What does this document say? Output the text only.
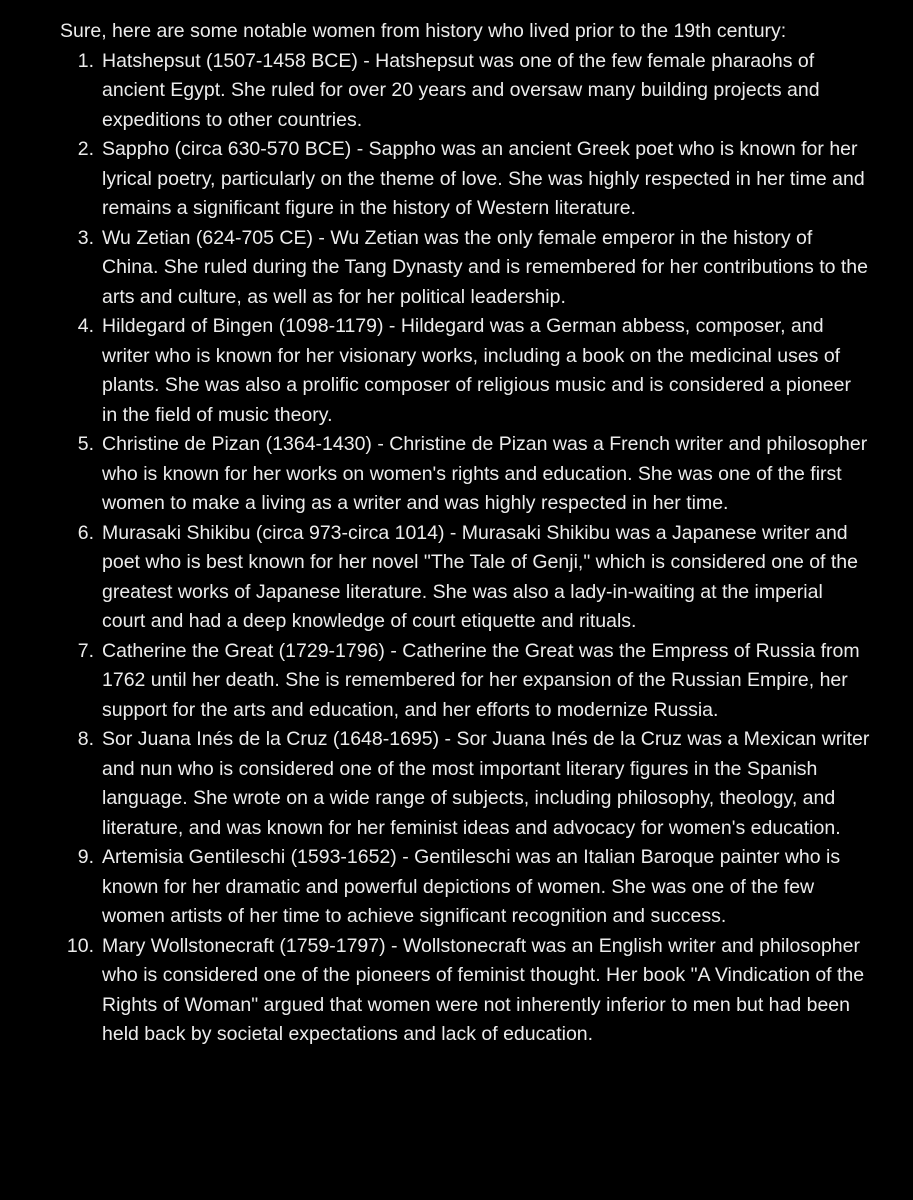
Sure, here are some notable women from history who lived prior to the 19th century:

1. Hatshepsut (1507-1458 BCE) - Hatshepsut was one of the few female pharaohs of ancient Egypt. She ruled for over 20 years and oversaw many building projects and expeditions to other countries.
2. Sappho (circa 630-570 BCE) - Sappho was an ancient Greek poet who is known for her lyrical poetry, particularly on the theme of love. She was highly respected in her time and remains a significant figure in the history of Western literature.
3. Wu Zetian (624-705 CE) - Wu Zetian was the only female emperor in the history of China. She ruled during the Tang Dynasty and is remembered for her contributions to the arts and culture, as well as for her political leadership.
4. Hildegard of Bingen (1098-1179) - Hildegard was a German abbess, composer, and writer who is known for her visionary works, including a book on the medicinal uses of plants. She was also a prolific composer of religious music and is considered a pioneer in the field of music theory.
5. Christine de Pizan (1364-1430) - Christine de Pizan was a French writer and philosopher who is known for her works on women's rights and education. She was one of the first women to make a living as a writer and was highly respected in her time.
6. Murasaki Shikibu (circa 973-circa 1014) - Murasaki Shikibu was a Japanese writer and poet who is best known for her novel "The Tale of Genji," which is considered one of the greatest works of Japanese literature. She was also a lady-in-waiting at the imperial court and had a deep knowledge of court etiquette and rituals.
7. Catherine the Great (1729-1796) - Catherine the Great was the Empress of Russia from 1762 until her death. She is remembered for her expansion of the Russian Empire, her support for the arts and education, and her efforts to modernize Russia.
8. Sor Juana Inés de la Cruz (1648-1695) - Sor Juana Inés de la Cruz was a Mexican writer and nun who is considered one of the most important literary figures in the Spanish language. She wrote on a wide range of subjects, including philosophy, theology, and literature, and was known for her feminist ideas and advocacy for women's education.
9. Artemisia Gentileschi (1593-1652) - Gentileschi was an Italian Baroque painter who is known for her dramatic and powerful depictions of women. She was one of the few women artists of her time to achieve significant recognition and success.
10. Mary Wollstonecraft (1759-1797) - Wollstonecraft was an English writer and philosopher who is considered one of the pioneers of feminist thought. Her book "A Vindication of the Rights of Woman" argued that women were not inherently inferior to men but had been held back by societal expectations and lack of education.
